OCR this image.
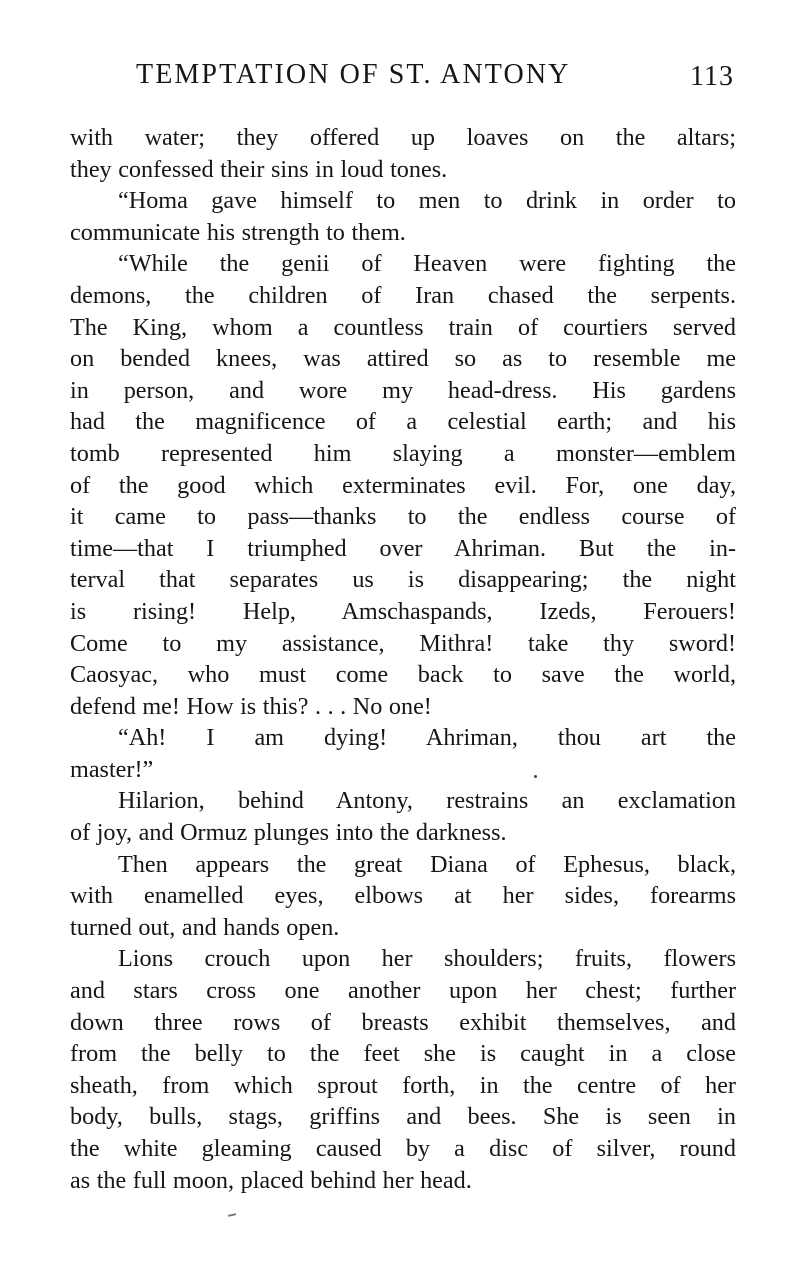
TEMPTATION OF ST. ANTONY	113
with water; they offered up loaves on the altars;
they confessed their sins in loud tones.
“Homa gave himself to men to drink in order to
communicate his strength to them.
“While the genii of Heaven were fighting the
demons, the children of Iran chased the serpents.
The King, whom a countless train of courtiers served
on bended knees, was attired so as to resemble me
in person, and wore my head-dress. His gardens
had the magnificence of a celestial earth; and his
tomb represented him slaying a monster—emblem
of the good which exterminates evil. For, one day,
it came to pass—thanks to the endless course of
time—that I triumphed over Ahriman. But the in-
terval that separates us is disappearing; the night
is rising! Help, Amschaspands, Izeds, Ferouers!
Come to my assistance, Mithra! take thy sword!
Caosyac, who must come back to save the world,
defend me! How is this? . . . No one!
“Ah! I am dying! Ahriman, thou art the
master!”
Hilarion, behind Antony, restrains an exclamation
of joy, and Ormuz plunges into the darkness.
Then appears the great Diana of Ephesus, black,
with enamelled eyes, elbows at her sides, forearms
turned out, and hands open.
Lions crouch upon her shoulders; fruits, flowers
and stars cross one another upon her chest; further
down three rows of breasts exhibit themselves, and
from the belly to the feet she is caught in a close
sheath, from which sprout forth, in the centre of her
body, bulls, stags, griffins and bees. She is seen in
the white gleaming caused by a disc of silver, round
as the full moon, placed behind her head.
